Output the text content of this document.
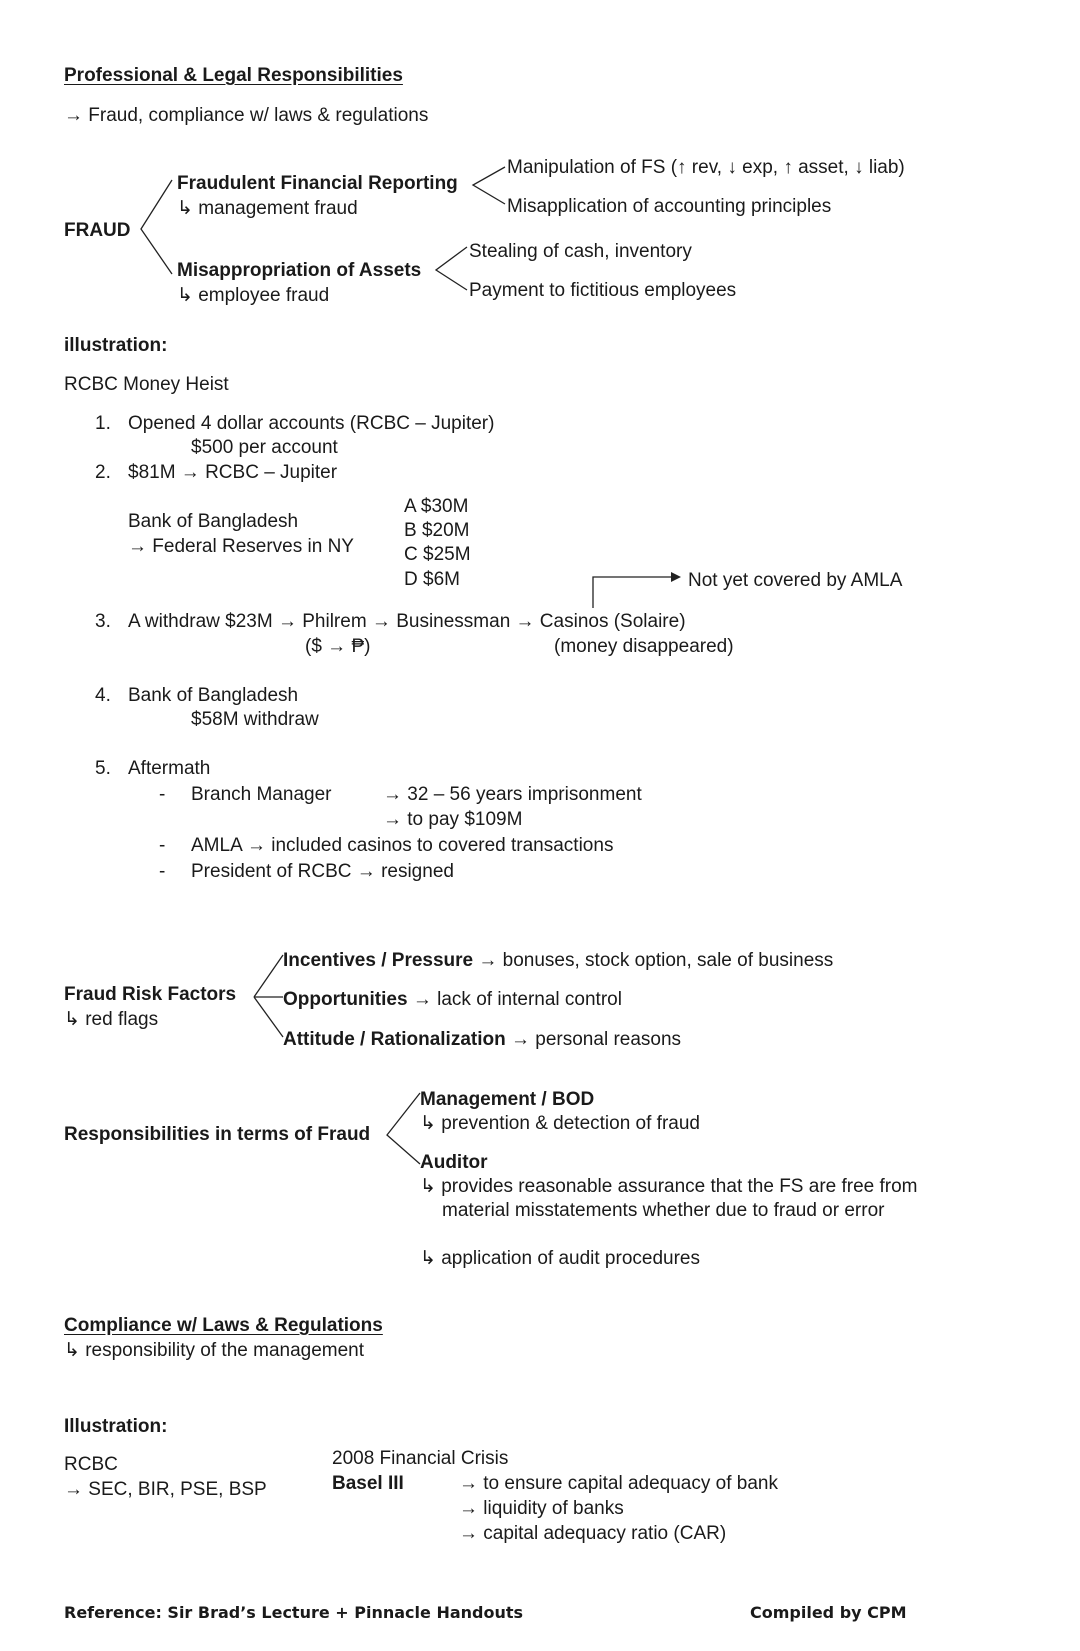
Professional & Legal Responsibilities
→ Fraud, compliance w/ laws & regulations
FRAUD
Fraudulent Financial Reporting
↳ management fraud
Manipulation of FS (↑ rev, ↓ exp, ↑ asset, ↓ liab)
Misapplication of accounting principles
Misappropriation of Assets
↳ employee fraud
Stealing of cash, inventory
Payment to fictitious employees
illustration:
RCBC Money Heist
1. Opened 4 dollar accounts (RCBC – Jupiter)
$500 per account
2. $81M → RCBC – Jupiter
Bank of Bangladesh
→ Federal Reserves in NY
A $30M
B $20M
C $25M
D $6M	Not yet covered by AMLA
3. A withdraw $23M → Philrem → Businessman → Casinos (Solaire)
($ → ₱)	(money disappeared)
4. Bank of Bangladesh
$58M withdraw
5. Aftermath
- Branch Manager	→ 32 – 56 years imprisonment
→ to pay $109M
- AMLA → included casinos to covered transactions
- President of RCBC → resigned
Fraud Risk Factors
↳ red flags
Incentives / Pressure → bonuses, stock option, sale of business
Opportunities → lack of internal control
Attitude / Rationalization → personal reasons
Responsibilities in terms of Fraud
Management / BOD
↳ prevention & detection of fraud
Auditor
↳ provides reasonable assurance that the FS are free from
material misstatements whether due to fraud or error
↳ application of audit procedures
Compliance w/ Laws & Regulations
↳ responsibility of the management
Illustration:
RCBC
→ SEC, BIR, PSE, BSP
2008 Financial Crisis
Basel III	→ to ensure capital adequacy of bank
→ liquidity of banks
→ capital adequacy ratio (CAR)
Reference: Sir Brad’s Lecture + Pinnacle Handouts	Compiled by CPM
